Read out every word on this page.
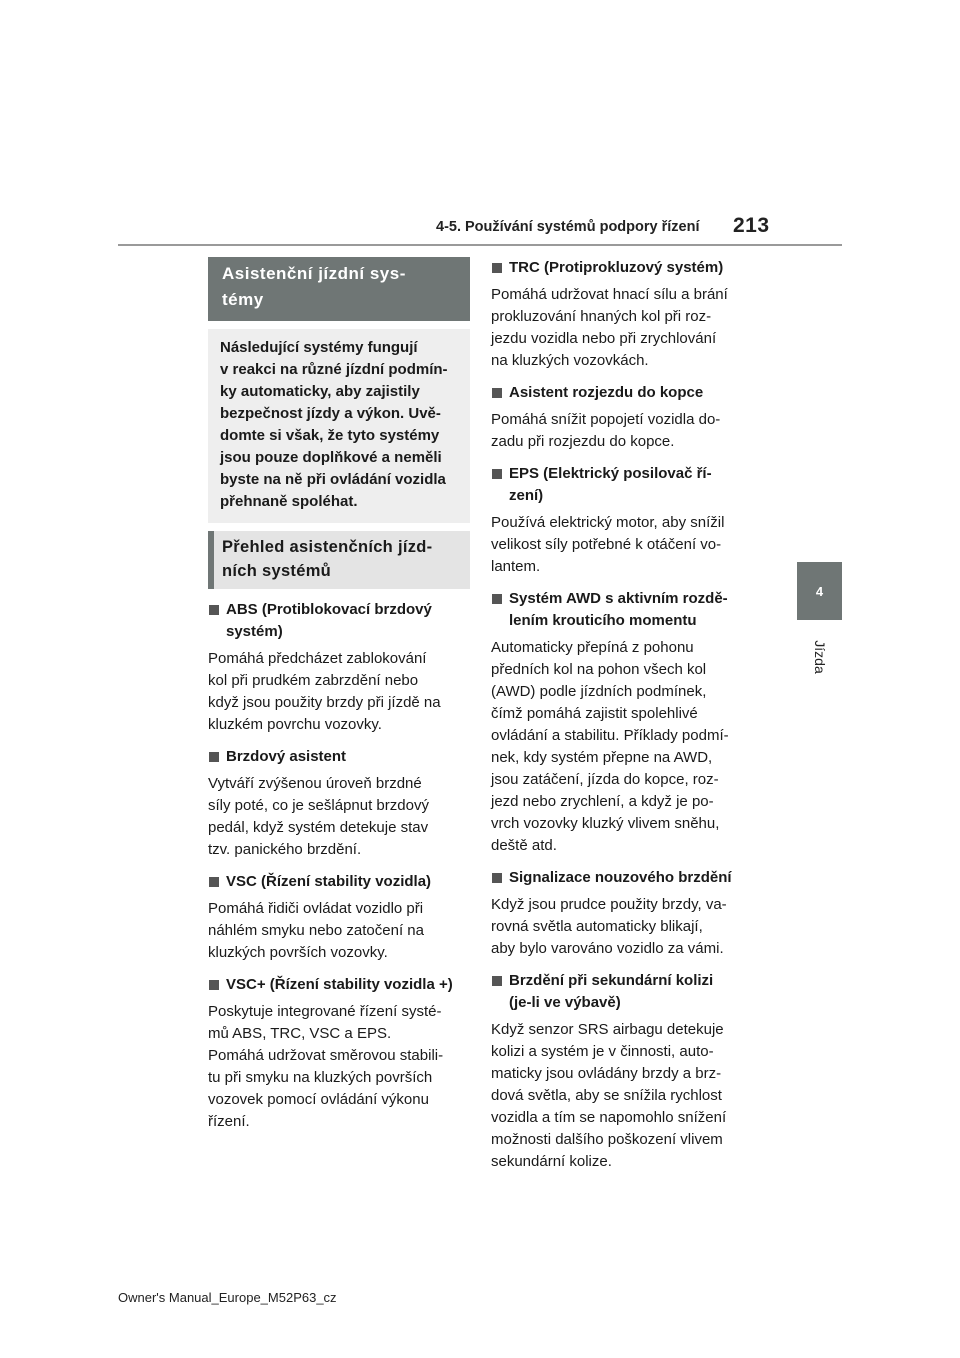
4-5. Používání systémů podpory řízení 213
4
Jízda
Asistenční jízdní sys-
témy
Následující systémy fungují
v reakci na různé jízdní podmín-
ky automaticky, aby zajistily
bezpečnost jízdy a výkon. Uvě-
domte si však, že tyto systémy
jsou pouze doplňkové a neměli
byste na ně při ovládání vozidla
přehnaně spoléhat.
Přehled asistenčních jízd-
ních systémů
ABS (Protiblokovací brzdový
systém)
Pomáhá předcházet zablokování
kol při prudkém zabrzdění nebo
když jsou použity brzdy při jízdě na
kluzkém povrchu vozovky.
Brzdový asistent
Vytváří zvýšenou úroveň brzdné
síly poté, co je sešlápnut brzdový
pedál, když systém detekuje stav
tzv. panického brzdění.
VSC (Řízení stability vozidla)
Pomáhá řidiči ovládat vozidlo při
náhlém smyku nebo zatočení na
kluzkých površích vozovky.
VSC+ (Řízení stability vozidla +)
Poskytuje integrované řízení systé-
mů ABS, TRC, VSC a EPS.
Pomáhá udržovat směrovou stabili-
tu při smyku na kluzkých površích
vozovek pomocí ovládání výkonu
řízení.
TRC (Protiprokluzový systém)
Pomáhá udržovat hnací sílu a brání
prokluzování hnaných kol při roz-
jezdu vozidla nebo při zrychlování
na kluzkých vozovkách.
Asistent rozjezdu do kopce
Pomáhá snížit popojetí vozidla do-
zadu při rozjezdu do kopce.
EPS (Elektrický posilovač ří-
zení)
Používá elektrický motor, aby snížil
velikost síly potřebné k otáčení vo-
lantem.
Systém AWD s aktivním rozdě-
lením krouticího momentu
Automaticky přepíná z pohonu
předních kol na pohon všech kol
(AWD) podle jízdních podmínek,
čímž pomáhá zajistit spolehlivé
ovládání a stabilitu. Příklady podmí-
nek, kdy systém přepne na AWD,
jsou zatáčení, jízda do kopce, roz-
jezd nebo zrychlení, a když je po-
vrch vozovky kluzký vlivem sněhu,
deště atd.
Signalizace nouzového brzdění
Když jsou prudce použity brzdy, va-
rovná světla automaticky blikají,
aby bylo varováno vozidlo za vámi.
Brzdění při sekundární kolizi
(je-li ve výbavě)
Když senzor SRS airbagu detekuje
kolizi a systém je v činnosti, auto-
maticky jsou ovládány brzdy a brz-
dová světla, aby se snížila rychlost
vozidla a tím se napomohlo snížení
možnosti dalšího poškození vlivem
sekundární kolize.
Owner's Manual_Europe_M52P63_cz
